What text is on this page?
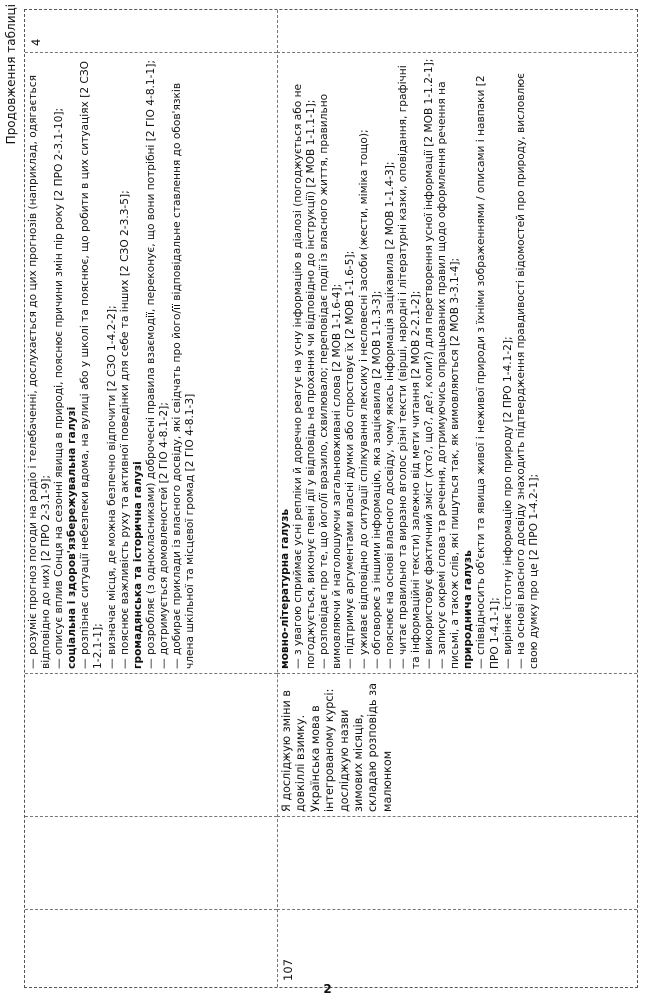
Продовження таблиці

— розуміє прогноз погоди на радіо і телебаченні, дослухається до цих прогнозів (наприклад, одягається відповідно до них) [2 ПРО 2-3.1-9]; — описує вплив Сонця на сезонні явища в природі, пояснює причини змін пір року [2 ПРО 2-3.1-10]; соціальна і здоров'язбережувальна галузі — розпізнає ситуації небезпеки вдома, на вулиці або у школі та пояснює, що робити в цих ситуаціях [2 СЗО 1-2.1-1]; — визначає місця, де можна безпечно відпочити [2 СЗО 1-4.2-2]; — пояснює важливість руху та активної поведінки для себе та інших [2 СЗО 2-3.3-5]; громадянська та історична галузі — розробляє (з однокласниками) доброчесні правила взаємодії, переконує, що вони потрібні [2 ГІО 4-8.1-1]; — дотримується домовленостей [2 ГІО 4-8.1-2]; — добирає приклади із власного досвіду, які свідчать про його/її відповідальне ставлення до обов'язків члена шкільної та місцевої громад [2 ГІО 4-8.1-3]

4
107
Я досліджую зміни в довкіллі взимку. Українська мова в інтегрованому курсі: досліджую назви зимових місяців, складаю розповідь за малюнком

мовно-літературна галузь — з увагою сприймає усні репліки й доречно реагує на усну інформацію в діалозі (погоджується або не погоджується, виконує певні дії у відповідь на прохання чи відповідно до інструкції) [2 МОВ 1-1.1-1]; — розповідає про те, що його/її вразило, схвилювало; переповідає події із власного життя, правильно вимовляючи й наголошуючи загальновживані слова [2 МОВ 1-1.6-4]; — підтримує аргументами власні думки або спростовує їх [2 МОВ 1-1.6-5]; — уживає відповідно до ситуації спілкування лексику і несловесні засоби (жести, міміка тощо); — обговорює з іншими інформацію, яка зацікавила [2 МОВ 1-1.3-3]; — пояснює на основі власного досвіду, чому якась інформація зацікавила [2 МОВ 1-1.4-3]; — читає правильно та виразно вголос різні тексти (вірші, народні і літературні казки, оповідання, графічні та інформаційні тексти) залежно від мети читання [2 МОВ 2-2.1-2]; — використовує фактичний зміст (хто?, що?, де?, коли?) для перетворення усної інформації [2 МОВ 1-1.2-1]; — записує окремі слова та речення, дотримуючись опрацьованих правил щодо оформлення речення на письмі, а також слів, які пишуться так, як вимовляються [2 МОВ 3-3.1-4]; природнича галузь — співвідносить об'єкти та явища живої і неживої природи з їхніми зображеннями / описами і навпаки [2 ПРО 1-4.1-1]; — виріняє істотну інформацію про природу [2 ПРО 1-4.1-2]; — на основі власного досвіду знаходить підтвердження правдивості відомостей про природу, висловлює свою думку про це [2 ПРО 1-4.2-1];

2
